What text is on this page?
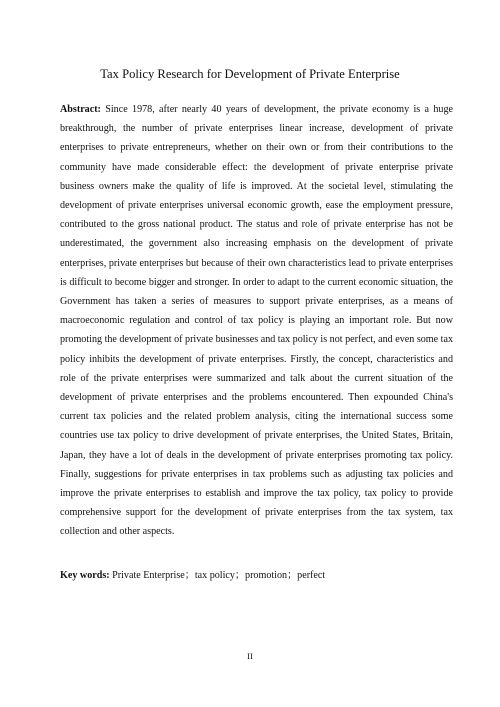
Tax Policy Research for Development of Private Enterprise

Abstract: Since 1978, after nearly 40 years of development, the private economy is a huge breakthrough, the number of private enterprises linear increase, development of private enterprises to private entrepreneurs, whether on their own or from their contributions to the community have made considerable effect: the development of private enterprise private business owners make the quality of life is improved. At the societal level, stimulating the development of private enterprises universal economic growth, ease the employment pressure, contributed to the gross national product. The status and role of private enterprise has not be underestimated, the government also increasing emphasis on the development of private enterprises, private enterprises but because of their own characteristics lead to private enterprises is difficult to become bigger and stronger. In order to adapt to the current economic situation, the Government has taken a series of measures to support private enterprises, as a means of macroeconomic regulation and control of tax policy is playing an important role. But now promoting the development of private businesses and tax policy is not perfect, and even some tax policy inhibits the development of private enterprises. Firstly, the concept, characteristics and role of the private enterprises were summarized and talk about the current situation of the development of private enterprises and the problems encountered. Then expounded China's current tax policies and the related problem analysis, citing the international success some countries use tax policy to drive development of private enterprises, the United States, Britain, Japan, they have a lot of deals in the development of private enterprises promoting tax policy. Finally, suggestions for private enterprises in tax problems such as adjusting tax policies and improve the private enterprises to establish and improve the tax policy, tax policy to provide comprehensive support for the development of private enterprises from the tax system, tax collection and other aspects.

Key words: Private Enterprise；tax policy；promotion；perfect

II
